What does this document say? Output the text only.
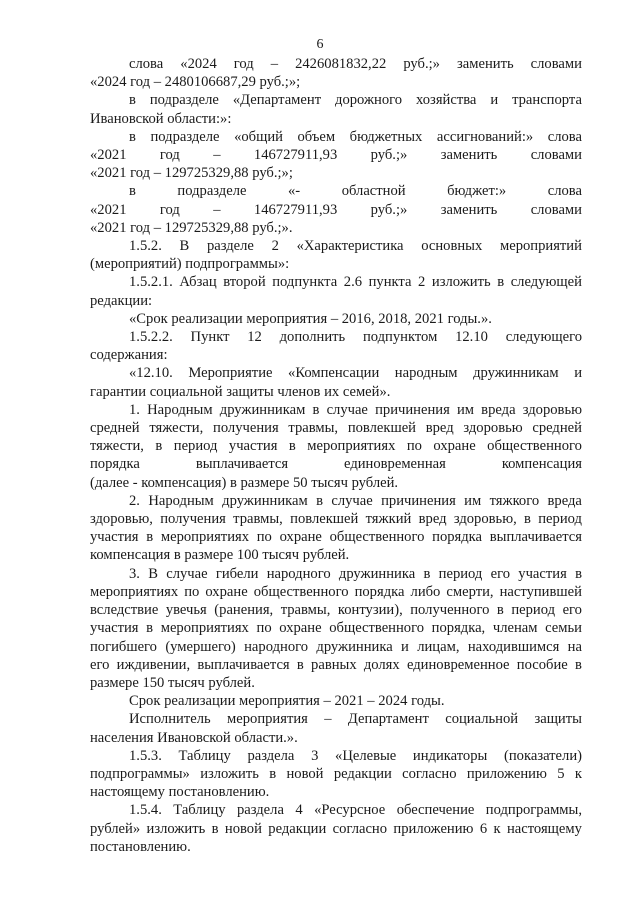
6
слова «2024 год – 2426081832,22 руб.;» заменить словами
«2024 год – 2480106687,29 руб.;»;
в подразделе «Департамент дорожного хозяйства и транспорта
Ивановской области:»:
в подразделе «общий объем бюджетных ассигнований:» слова
«2021 год – 146727911,93 руб.;» заменить словами
«2021 год – 129725329,88 руб.;»;
в	подразделе	«-	областной	бюджет:»	слова
«2021 год – 146727911,93 руб.;» заменить словами
«2021 год – 129725329,88 руб.;».
1.5.2. В разделе 2 «Характеристика основных мероприятий
(мероприятий) подпрограммы»:
1.5.2.1. Абзац второй подпункта 2.6 пункта 2 изложить в следующей
редакции:
«Срок реализации мероприятия – 2016, 2018, 2021 годы.».
1.5.2.2. Пункт 12 дополнить подпунктом 12.10 следующего
содержания:
«12.10. Мероприятие «Компенсации народным дружинникам и
гарантии социальной защиты членов их семей».
1. Народным дружинникам в случае причинения им вреда здоровью
средней тяжести, получения травмы, повлекшей вред здоровью средней
тяжести, в период участия в мероприятиях по охране общественного
порядка	выплачивается	единовременная	компенсация
(далее - компенсация) в размере 50 тысяч рублей.
2. Народным дружинникам в случае причинения им тяжкого вреда
здоровью, получения травмы, повлекшей тяжкий вред здоровью, в период
участия в мероприятиях по охране общественного порядка выплачивается
компенсация в размере 100 тысяч рублей.
3. В случае гибели народного дружинника в период его участия в
мероприятиях по охране общественного порядка либо смерти, наступившей
вследствие увечья (ранения, травмы, контузии), полученного в период его
участия в мероприятиях по охране общественного порядка, членам семьи
погибшего (умершего) народного дружинника и лицам, находившимся на
его иждивении, выплачивается в равных долях единовременное пособие в
размере 150 тысяч рублей.
Срок реализации мероприятия – 2021 – 2024 годы.
Исполнитель мероприятия – Департамент социальной защиты
населения Ивановской области.».
1.5.3. Таблицу раздела 3 «Целевые индикаторы (показатели)
подпрограммы» изложить в новой редакции согласно приложению 5 к
настоящему постановлению.
1.5.4. Таблицу раздела 4 «Ресурсное обеспечение подпрограммы,
рублей» изложить в новой редакции согласно приложению 6 к настоящему
постановлению.
